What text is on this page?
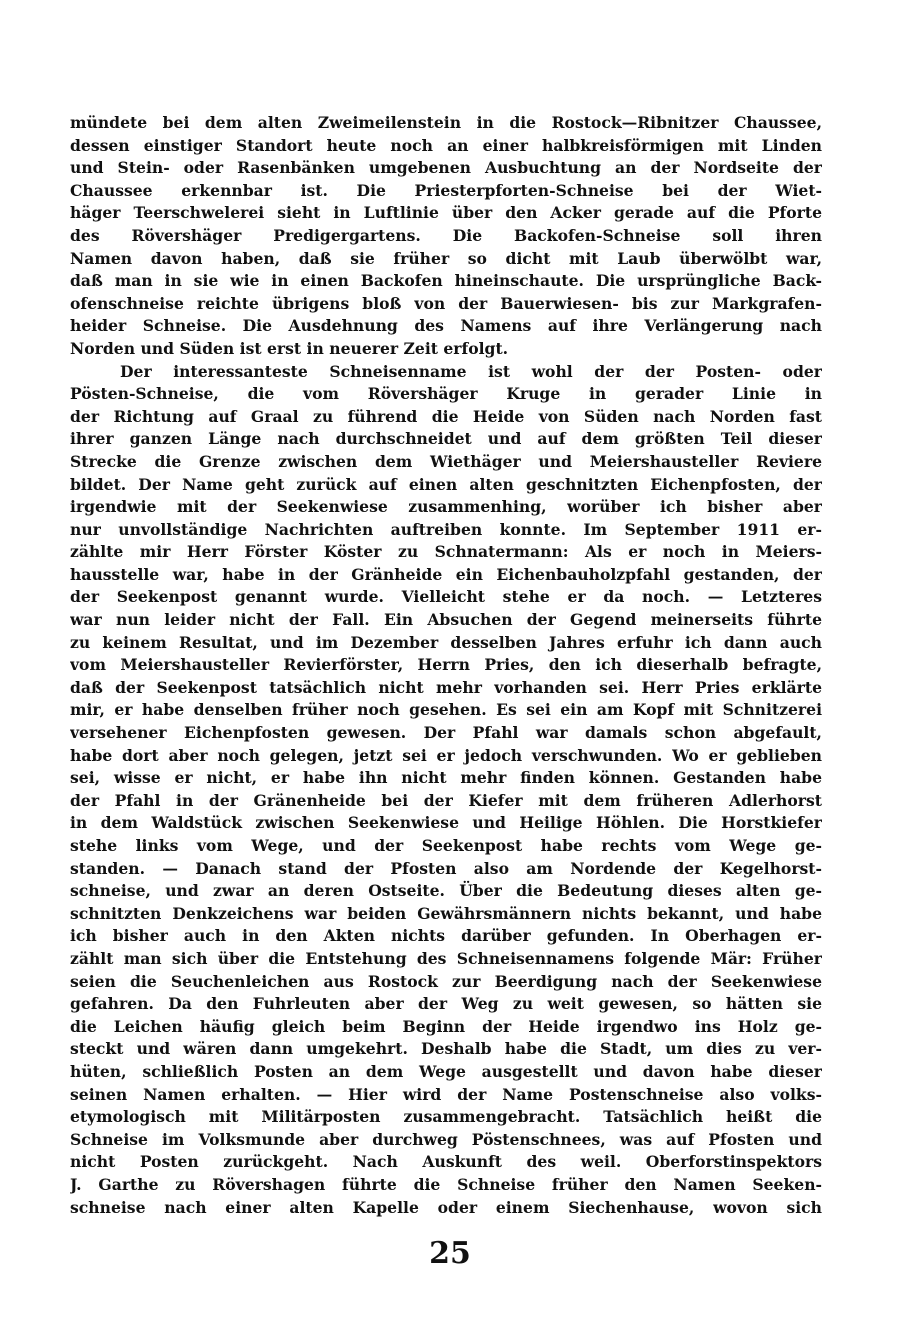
mündete bei dem alten Zweimeilenstein in die Rostock—Ribnitzer Chaussee,
dessen einstiger Standort heute noch an einer halbkreisförmigen mit Linden
und Stein- oder Rasenbänken umgebenen Ausbuchtung an der Nordseite der
Chaussee erkennbar ist. Die Priesterpforten-Schneise bei der Wiet-
häger Teerschwelerei sieht in Luftlinie über den Acker gerade auf die Pforte
des Rövershäger Predigergartens. Die Backofen-Schneise soll ihren
Namen davon haben, daß sie früher so dicht mit Laub überwölbt war,
daß man in sie wie in einen Backofen hineinschaute. Die ursprüngliche Back-
ofenschneise reichte übrigens bloß von der Bauerwiesen- bis zur Markgrafen-
heider Schneise. Die Ausdehnung des Namens auf ihre Verlängerung nach
Norden und Süden ist erst in neuerer Zeit erfolgt.
Der interessanteste Schneisenname ist wohl der der Posten- oder
Pösten-Schneise, die vom Rövershäger Kruge in gerader Linie in
der Richtung auf Graal zu führend die Heide von Süden nach Norden fast
ihrer ganzen Länge nach durchschneidet und auf dem größten Teil dieser
Strecke die Grenze zwischen dem Wiethäger und Meiershausteller Reviere
bildet. Der Name geht zurück auf einen alten geschnitzten Eichenpfosten, der
irgendwie mit der Seekenwiese zusammenhing, worüber ich bisher aber
nur unvollständige Nachrichten auftreiben konnte. Im September 1911 er-
zählte mir Herr Förster Köster zu Schnatermann: Als er noch in Meiers-
hausstelle war, habe in der Gränheide ein Eichenbauholzpfahl gestanden, der
der Seekenpost genannt wurde. Vielleicht stehe er da noch. — Letzteres
war nun leider nicht der Fall. Ein Absuchen der Gegend meinerseits führte
zu keinem Resultat, und im Dezember desselben Jahres erfuhr ich dann auch
vom Meiershausteller Revierförster, Herrn Pries, den ich dieserhalb befragte,
daß der Seekenpost tatsächlich nicht mehr vorhanden sei. Herr Pries erklärte
mir, er habe denselben früher noch gesehen. Es sei ein am Kopf mit Schnitzerei
versehener Eichenpfosten gewesen. Der Pfahl war damals schon abgefault,
habe dort aber noch gelegen, jetzt sei er jedoch verschwunden. Wo er geblieben
sei, wisse er nicht, er habe ihn nicht mehr finden können. Gestanden habe
der Pfahl in der Gränenheide bei der Kiefer mit dem früheren Adlerhorst
in dem Waldstück zwischen Seekenwiese und Heilige Höhlen. Die Horstkiefer
stehe links vom Wege, und der Seekenpost habe rechts vom Wege ge-
standen. — Danach stand der Pfosten also am Nordende der Kegelhorst-
schneise, und zwar an deren Ostseite. Über die Bedeutung dieses alten ge-
schnitzten Denkzeichens war beiden Gewährsmännern nichts bekannt, und habe
ich bisher auch in den Akten nichts darüber gefunden. In Oberhagen er-
zählt man sich über die Entstehung des Schneisennamens folgende Mär: Früher
seien die Seuchenleichen aus Rostock zur Beerdigung nach der Seekenwiese
gefahren. Da den Fuhrleuten aber der Weg zu weit gewesen, so hätten sie
die Leichen häufig gleich beim Beginn der Heide irgendwo ins Holz ge-
steckt und wären dann umgekehrt. Deshalb habe die Stadt, um dies zu ver-
hüten, schließlich Posten an dem Wege ausgestellt und davon habe dieser
seinen Namen erhalten. — Hier wird der Name Postenschneise also volks-
etymologisch mit Militärposten zusammengebracht. Tatsächlich heißt die
Schneise im Volksmunde aber durchweg Pöstenschnees, was auf Pfosten und
nicht Posten zurückgeht. Nach Auskunft des weil. Oberforstinspektors
J. Garthe zu Rövershagen führte die Schneise früher den Namen Seeken-
schneise nach einer alten Kapelle oder einem Siechenhause, wovon sich
25
